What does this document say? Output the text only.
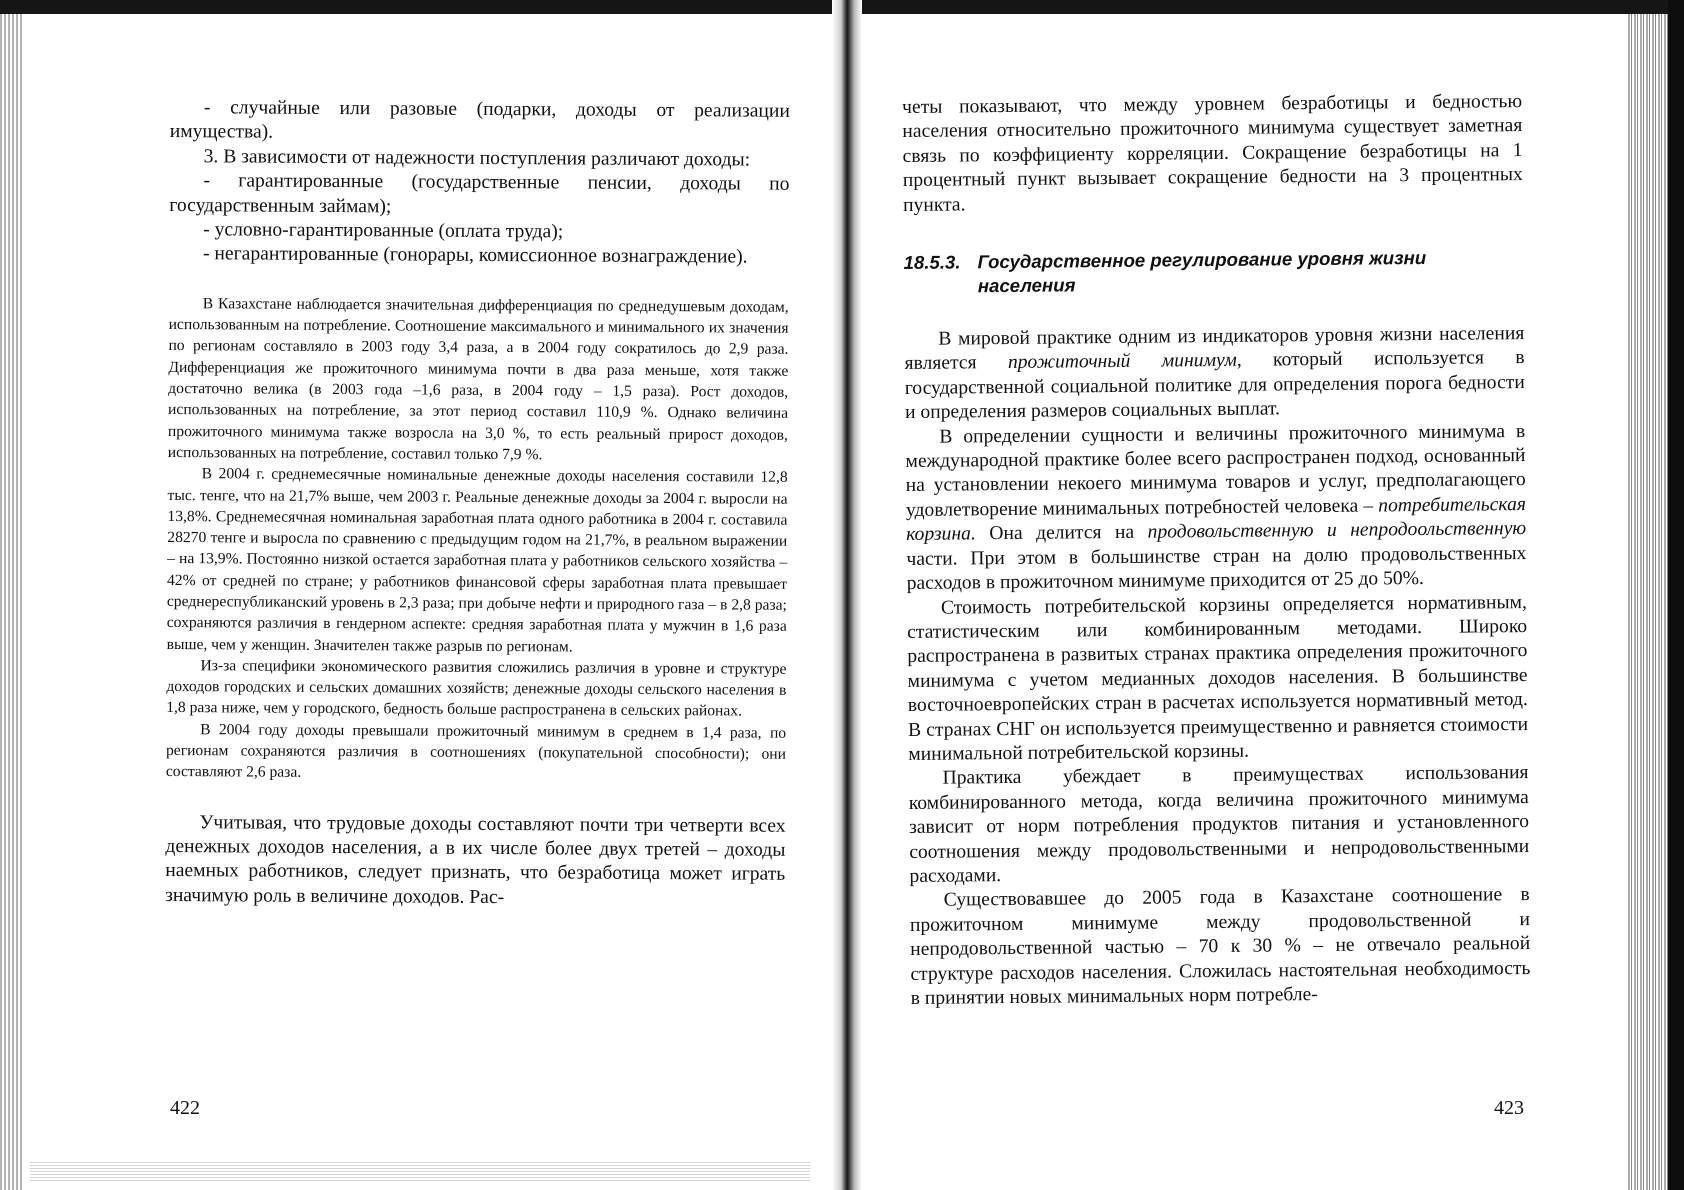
- случайные или разовые (подарки, доходы от реализации имущества).

3. В зависимости от надежности поступления различают доходы:

- гарантированные (государственные пенсии, доходы по государственным займам);

- условно-гарантированные (оплата труда);

- негарантированные (гонорары, комиссионное вознаграждение).

В Казахстане наблюдается значительная дифференциация по среднедушевым доходам, использованным на потребление. Соотношение максимального и минимального их значения по регионам составляло в 2003 году 3,4 раза, а в 2004 году сократилось до 2,9 раза. Дифференциация же прожиточного минимума почти в два раза меньше, хотя также достаточно велика (в 2003 года –1,6 раза, в 2004 году – 1,5 раза). Рост доходов, использованных на потребление, за этот период составил 110,9 %. Однако величина прожиточного минимума также возросла на 3,0 %, то есть реальный прирост доходов, использованных на потребление, составил только 7,9 %.

В 2004 г. среднемесячные номинальные денежные доходы населения составили 12,8 тыс. тенге, что на 21,7% выше, чем 2003 г. Реальные денежные доходы за 2004 г. выросли на 13,8%. Среднемесячная номинальная заработная плата одного работника в 2004 г. составила 28270 тенге и выросла по сравнению с предыдущим годом на 21,7%, в реальном выражении – на 13,9%. Постоянно низкой остается заработная плата у работников сельского хозяйства – 42% от средней по стране; у работников финансовой сферы заработная плата превышает среднереспубликанский уровень в 2,3 раза; при добыче нефти и природного газа – в 2,8 раза; сохраняются различия в гендерном аспекте: средняя заработная плата у мужчин в 1,6 раза выше, чем у женщин. Значителен также разрыв по регионам.

Из-за специфики экономического развития сложились различия в уровне и структуре доходов городских и сельских домашних хозяйств; денежные доходы сельского населения в 1,8 раза ниже, чем у городского, бедность больше распространена в сельских районах.

В 2004 году доходы превышали прожиточный минимум в среднем в 1,4 раза, по регионам сохраняются различия в соотношениях (покупательной способности); они составляют 2,6 раза.

Учитывая, что трудовые доходы составляют почти три четверти всех денежных доходов населения, а в их числе более двух третей – доходы наемных работников, следует признать, что безработица может играть значимую роль в величине доходов. Рас-

422

четы показывают, что между уровнем безработицы и бедностью населения относительно прожиточного минимума существует заметная связь по коэффициенту корреляции. Сокращение безработицы на 1 процентный пункт вызывает сокращение бедности на 3 процентных пункта.

18.5.3. Государственное регулирование уровня жизни
населения

В мировой практике одним из индикаторов уровня жизни населения является прожиточный минимум, который используется в государственной социальной политике для определения порога бедности и определения размеров социальных выплат.

В определении сущности и величины прожиточного минимума в международной практике более всего распространен подход, основанный на установлении некоего минимума товаров и услуг, предполагающего удовлетворение минимальных потребностей человека – потребительская корзина. Она делится на продовольственную и непродоольственную части. При этом в большинстве стран на долю продовольственных расходов в прожиточном минимуме приходится от 25 до 50%.

Стоимость потребительской корзины определяется нормативным, статистическим или комбинированным методами. Широко распространена в развитых странах практика определения прожиточного минимума с учетом медианных доходов населения. В большинстве восточноевропейских стран в расчетах используется нормативный метод. В странах СНГ он используется преимущественно и равняется стоимости минимальной потребительской корзины.

Практика убеждает в преимуществах использования комбинированного метода, когда величина прожиточного минимума зависит от норм потребления продуктов питания и установленного соотношения между продовольственными и непродовольственными расходами.

Существовавшее до 2005 года в Казахстане соотношение в прожиточном минимуме между продовольственной и непродовольственной частью – 70 к 30 % – не отвечало реальной структуре расходов населения. Сложилась настоятельная необходимость в принятии новых минимальных норм потребле-

423
